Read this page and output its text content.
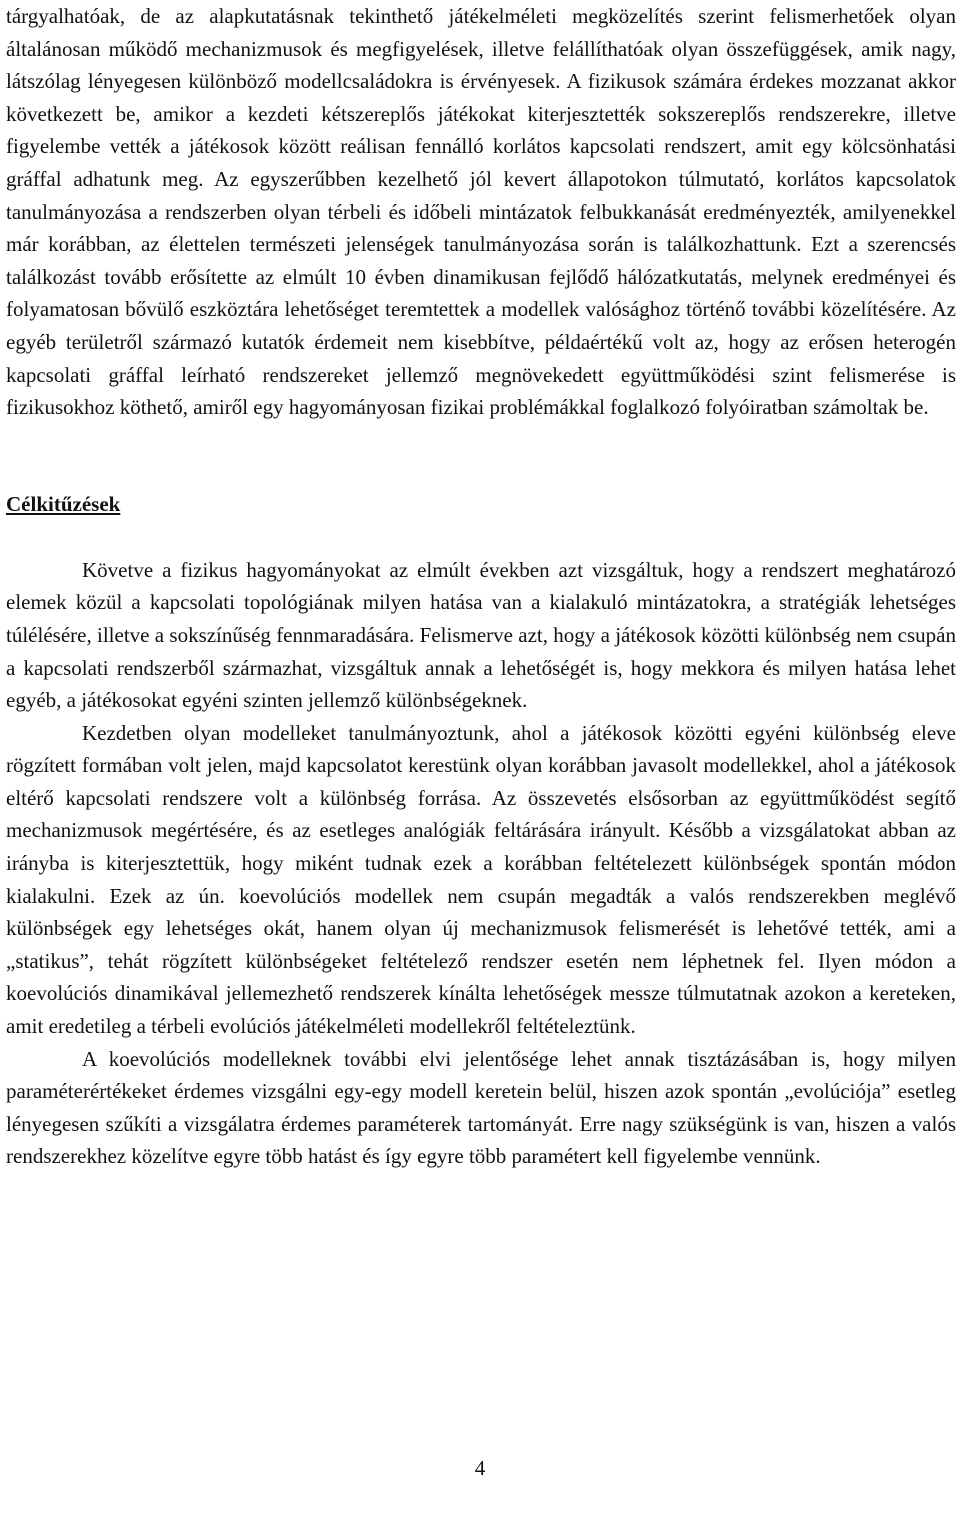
tárgyalhatóak, de az alapkutatásnak tekinthető játékelméleti megközelítés szerint felismerhetőek olyan általánosan működő mechanizmusok és megfigyelések, illetve felállíthatóak olyan összefüggések, amik nagy, látszólag lényegesen különböző modellcsaládokra is érvényesek. A fizikusok számára érdekes mozzanat akkor következett be, amikor a kezdeti kétszereplős játékokat kiterjesztették sokszereplős rendszerekre, illetve figyelembe vették a játékosok között reálisan fennálló korlátos kapcsolati rendszert, amit egy kölcsönhatási gráffal adhatunk meg. Az egyszerűbben kezelhető jól kevert állapotokon túlmutató, korlátos kapcsolatok tanulmányozása a rendszerben olyan térbeli és időbeli mintázatok felbukkanását eredményezték, amilyenekkel már korábban, az élettelen természeti jelenségek tanulmányozása során is találkozhattunk. Ezt a szerencsés találkozást tovább erősítette az elmúlt 10 évben dinamikusan fejlődő hálózatkutatás, melynek eredményei és folyamatosan bővülő eszköztára lehetőséget teremtettek a modellek valósághoz történő további közelítésére. Az egyéb területről származó kutatók érdemeit nem kisebbítve, példaértékű volt az, hogy az erősen heterogén kapcsolati gráffal leírható rendszereket jellemző megnövekedett együttműködési szint felismerése is fizikusokhoz köthető, amiről egy hagyományosan fizikai problémákkal foglalkozó folyóiratban számoltak be.

Célkitűzések

Követve a fizikus hagyományokat az elmúlt években azt vizsgáltuk, hogy a rendszert meghatározó elemek közül a kapcsolati topológiának milyen hatása van a kialakuló mintázatokra, a stratégiák lehetséges túlélésére, illetve a sokszínűség fennmaradására. Felismerve azt, hogy a játékosok közötti különbség nem csupán a kapcsolati rendszerből származhat, vizsgáltuk annak a lehetőségét is, hogy mekkora és milyen hatása lehet egyéb, a játékosokat egyéni szinten jellemző különbségeknek.

Kezdetben olyan modelleket tanulmányoztunk, ahol a játékosok közötti egyéni különbség eleve rögzített formában volt jelen, majd kapcsolatot kerestünk olyan korábban javasolt modellekkel, ahol a játékosok eltérő kapcsolati rendszere volt a különbség forrása. Az összevetés elsősorban az együttműködést segítő mechanizmusok megértésére, és az esetleges analógiák feltárására irányult. Később a vizsgálatokat abban az irányba is kiterjesztettük, hogy miként tudnak ezek a korábban feltételezett különbségek spontán módon kialakulni. Ezek az ún. koevolúciós modellek nem csupán megadták a valós rendszerekben meglévő különbségek egy lehetséges okát, hanem olyan új mechanizmusok felismerését is lehetővé tették, ami a „statikus”, tehát rögzített különbségeket feltételező rendszer esetén nem léphetnek fel. Ilyen módon a koevolúciós dinamikával jellemezhető rendszerek kínálta lehetőségek messze túlmutatnak azokon a kereteken, amit eredetileg a térbeli evolúciós játékelméleti modellekről feltételeztünk.

A koevolúciós modelleknek további elvi jelentősége lehet annak tisztázásában is, hogy milyen paraméterértékeket érdemes vizsgálni egy-egy modell keretein belül, hiszen azok spontán „evolúciója” esetleg lényegesen szűkíti a vizsgálatra érdemes paraméterek tartományát. Erre nagy szükségünk is van, hiszen a valós rendszerekhez közelítve egyre több hatást és így egyre több paramétert kell figyelembe vennünk.

4
